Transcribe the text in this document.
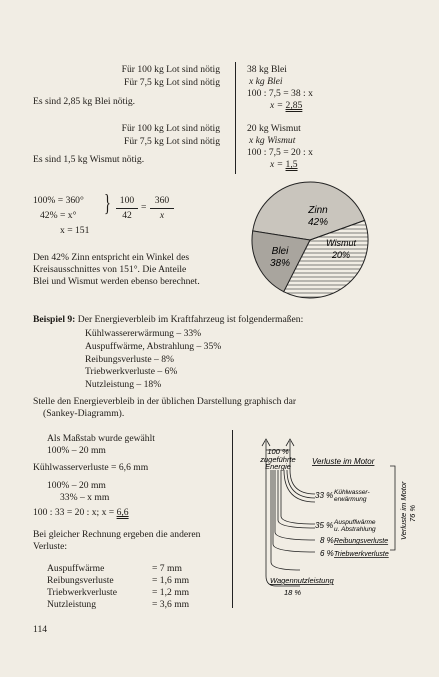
Für 100 kg Lot sind nötig
Für 7,5 kg Lot sind nötig
Es sind 2,85 kg Blei nötig.
Für 100 kg Lot sind nötig
Für 7,5 kg Lot sind nötig
Es sind 1,5 kg Wismut nötig.
38 kg Blei
x kg Blei
100 : 7,5 = 38 : x
x = 2,85
20 kg Wismut
x kg Wismut
100 : 7,5 = 20 : x
x = 1,5
100% = 360°
42% = x° } 100
42
=
360
x
x = 151
Den 42% Zinn entspricht ein Winkel des
Kreisausschnittes von 151°. Die Anteile
Blei und Wismut werden ebenso berechnet.
Zinn
42%
Blei
38%
Wismut
20%
Beispiel 9: Der Energieverbleib im Kraftfahrzeug ist folgendermaßen:
Kühlwassererwärmung – 33%
Auspuffwärme, Abstrahlung – 35%
Reibungsverluste – 8%
Triebwerkverluste – 6%
Nutzleistung – 18%
Stelle den Energieverbleib in der üblichen Darstellung graphisch dar
(Sankey-Diagramm).
Als Maßstab wurde gewählt
100% – 20 mm
Kühlwasserverluste = 6,6 mm
100% – 20 mm
33% – x mm
100 : 33 = 20 : x; x = 6,6
Bei gleicher Rechnung ergeben die anderen
Verluste:
Auspuffwärme	= 7 mm
Reibungsverluste	= 1,6 mm
Triebwerkverluste	= 1,2 mm
Nutzleistung	= 3,6 mm
100 %
zugeführte
Energie
Verluste im Motor
33 % Kühlwasser-
erwärmung
35 % Auspuffwärme
u. Abstrahlung
8 % Reibungsverluste
6 % Triebwerkverluste
Verluste im Motor 76 %
Wagennutzleistung
18 %
114
